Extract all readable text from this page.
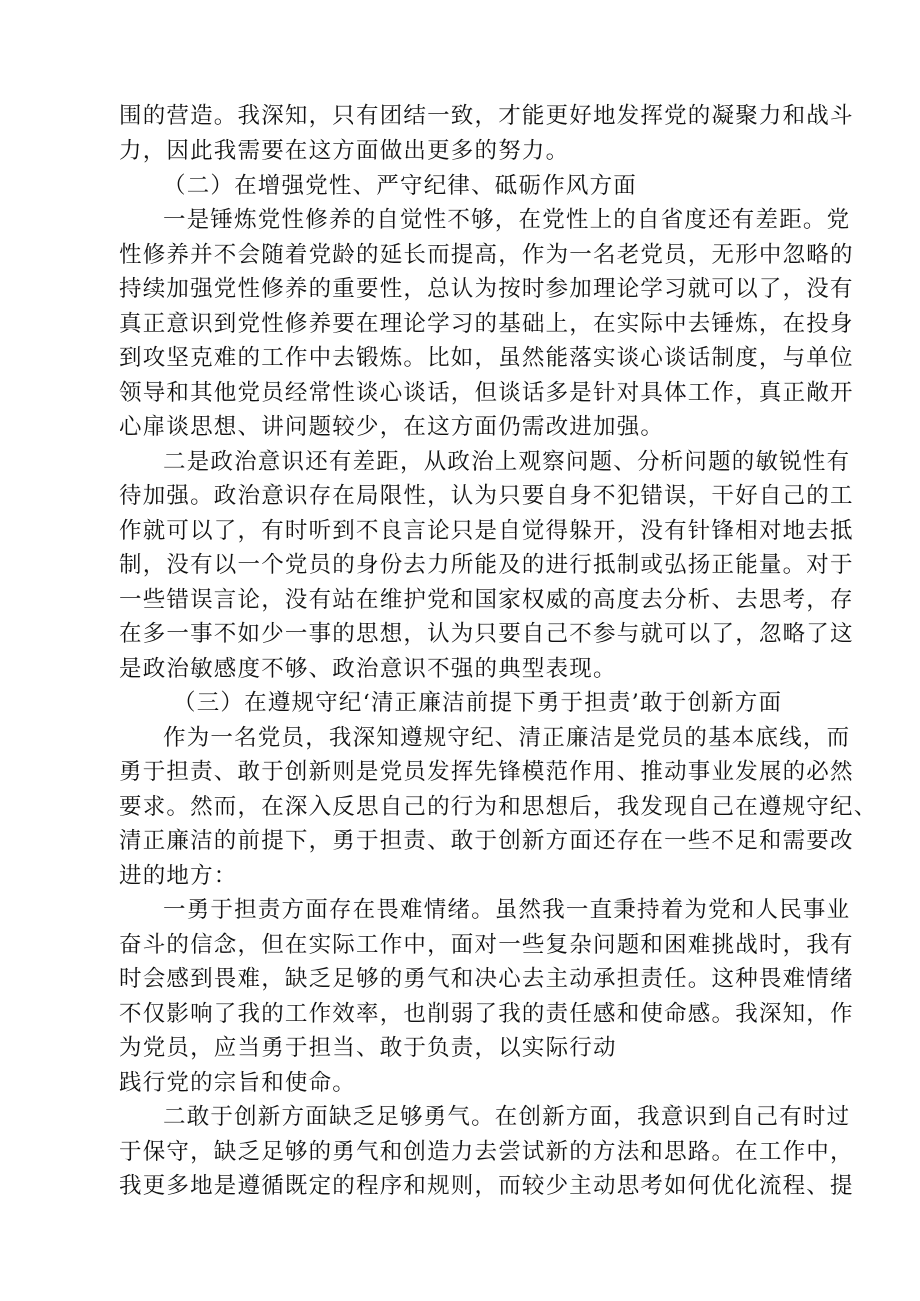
围的营造。我深知，只有团结一致，才能更好地发挥党的凝聚力和战斗
力，因此我需要在这方面做出更多的努力。
（二）在增强党性、严守纪律、砥砺作风方面
一是锤炼党性修养的自觉性不够，在党性上的自省度还有差距。党
性修养并不会随着党龄的延长而提高，作为一名老党员，无形中忽略的
持续加强党性修养的重要性，总认为按时参加理论学习就可以了，没有
真正意识到党性修养要在理论学习的基础上，在实际中去锤炼，在投身
到攻坚克难的工作中去锻炼。比如，虽然能落实谈心谈话制度，与单位
领导和其他党员经常性谈心谈话，但谈话多是针对具体工作，真正敞开
心扉谈思想、讲问题较少，在这方面仍需改进加强。
二是政治意识还有差距，从政治上观察问题、分析问题的敏锐性有
待加强。政治意识存在局限性，认为只要自身不犯错误，干好自己的工
作就可以了，有时听到不良言论只是自觉得躲开，没有针锋相对地去抵
制，没有以一个党员的身份去力所能及的进行抵制或弘扬正能量。对于
一些错误言论，没有站在维护党和国家权威的高度去分析、去思考，存
在多一事不如少一事的思想，认为只要自己不参与就可以了，忽略了这
是政治敏感度不够、政治意识不强的典型表现。
（三）在遵规守纪‘清正廉洁前提下勇于担责’敢于创新方面
作为一名党员，我深知遵规守纪、清正廉洁是党员的基本底线，而
勇于担责、敢于创新则是党员发挥先锋模范作用、推动事业发展的必然
要求。然而，在深入反思自己的行为和思想后，我发现自己在遵规守纪、
清正廉洁的前提下，勇于担责、敢于创新方面还存在一些不足和需要改
进的地方：
一勇于担责方面存在畏难情绪。虽然我一直秉持着为党和人民事业
奋斗的信念，但在实际工作中，面对一些复杂问题和困难挑战时，我有
时会感到畏难，缺乏足够的勇气和决心去主动承担责任。这种畏难情绪
不仅影响了我的工作效率，也削弱了我的责任感和使命感。我深知，作
为党员，应当勇于担当、敢于负责，以实际行动
践行党的宗旨和使命。
二敢于创新方面缺乏足够勇气。在创新方面，我意识到自己有时过
于保守，缺乏足够的勇气和创造力去尝试新的方法和思路。在工作中，
我更多地是遵循既定的程序和规则，而较少主动思考如何优化流程、提
